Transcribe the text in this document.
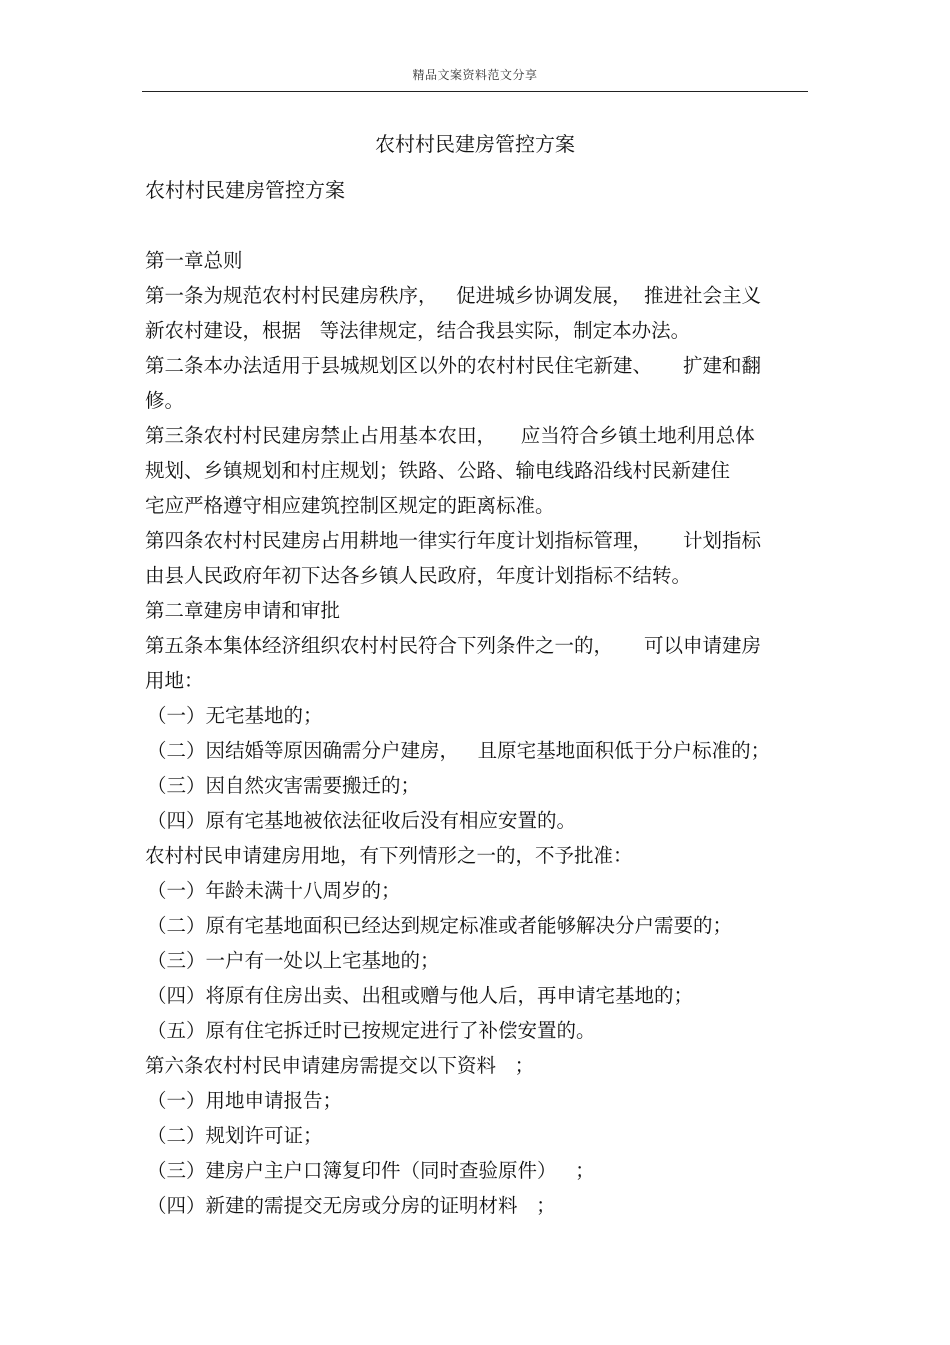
精品文案资料范文分享
农村村民建房管控方案
农村村民建房管控方案
第一章总则
第一条为规范农村村民建房秩序，   促进城乡协调发展，  推进社会主义
新农村建设，根据   等法律规定，结合我县实际，制定本办法。
第二条本办法适用于县城规划区以外的农村村民住宅新建、     扩建和翻
修。
第三条农村村民建房禁止占用基本农田，    应当符合乡镇土地利用总体
规划、乡镇规划和村庄规划；铁路、公路、输电线路沿线村民新建住
宅应严格遵守相应建筑控制区规定的距离标准。
第四条农村村民建房占用耕地一律实行年度计划指标管理，     计划指标
由县人民政府年初下达各乡镇人民政府，年度计划指标不结转。
第二章建房申请和审批
第五条本集体经济组织农村村民符合下列条件之一的，     可以申请建房
用地：
（一）无宅基地的；
（二）因结婚等原因确需分户建房，   且原宅基地面积低于分户标准的；
（三）因自然灾害需要搬迁的；
（四）原有宅基地被依法征收后没有相应安置的。
农村村民申请建房用地，有下列情形之一的，不予批准：
（一）年龄未满十八周岁的；
（二）原有宅基地面积已经达到规定标准或者能够解决分户需要的；
（三）一户有一处以上宅基地的；
（四）将原有住房出卖、出租或赠与他人后，再申请宅基地的；
（五）原有住宅拆迁时已按规定进行了补偿安置的。
第六条农村村民申请建房需提交以下资料   ；
（一）用地申请报告；
（二）规划许可证；
（三）建房户主户口簿复印件（同时查验原件）   ；
（四）新建的需提交无房或分房的证明材料   ；
